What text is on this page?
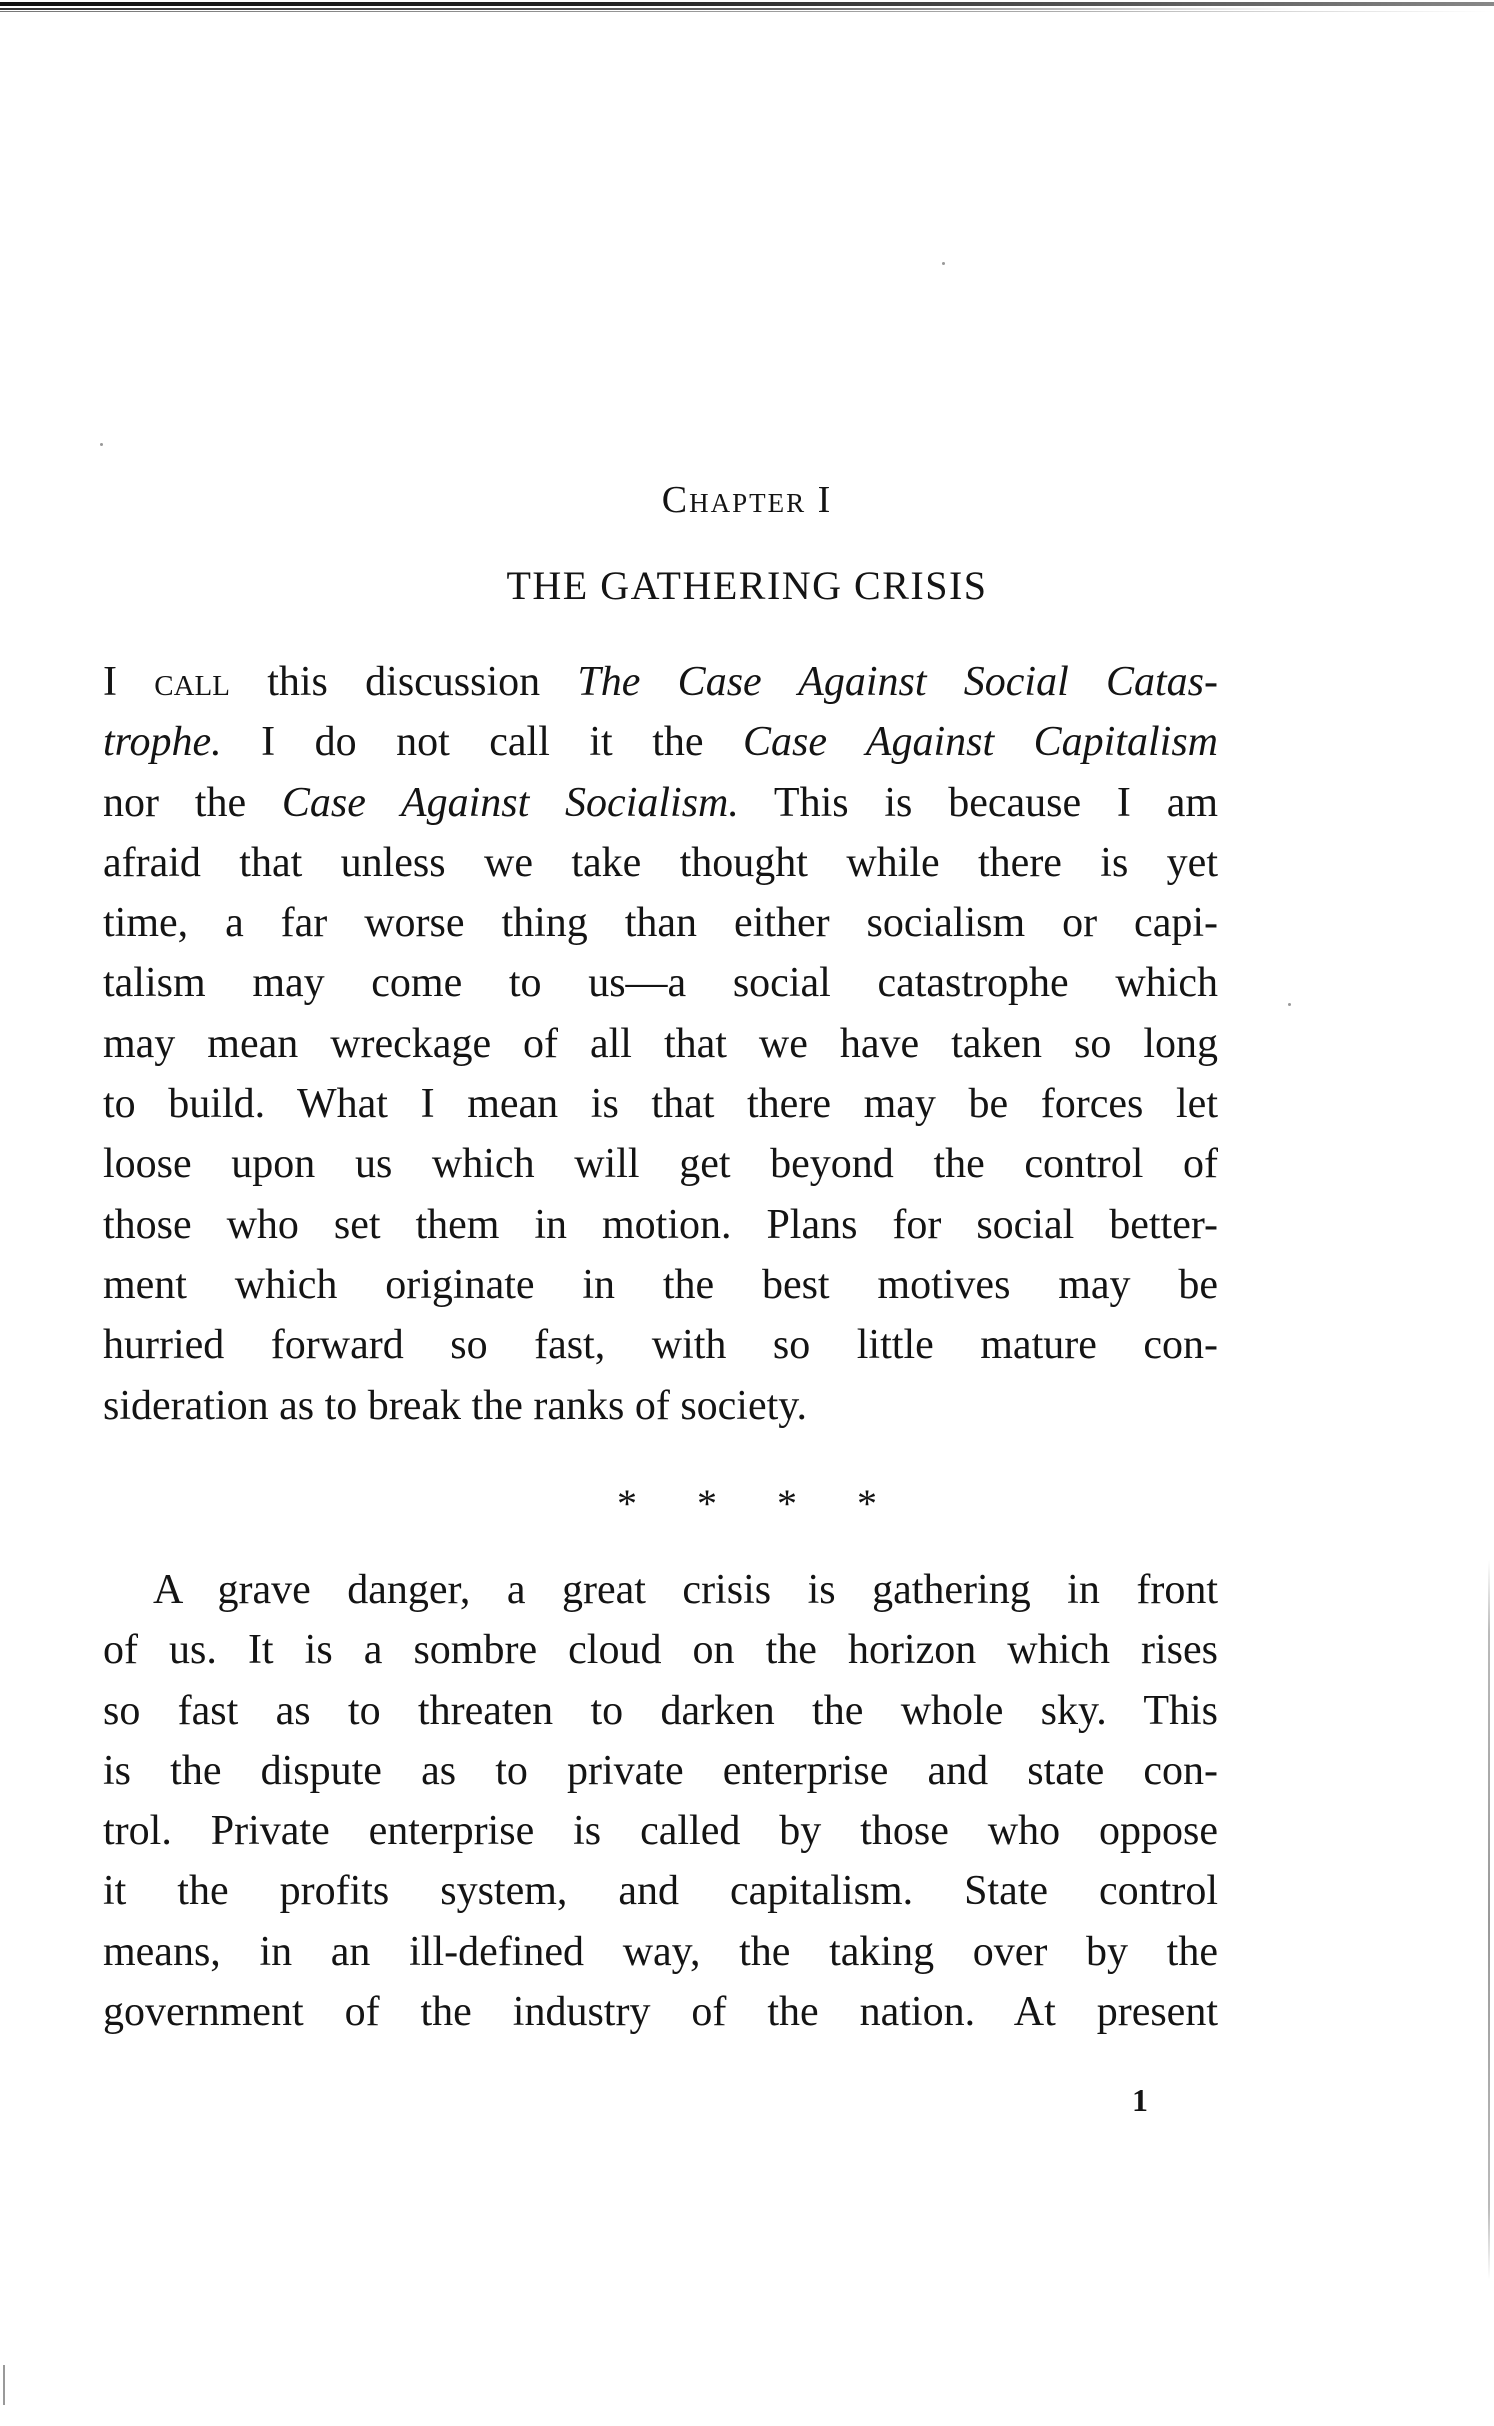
Chapter I
THE GATHERING CRISIS
I call this discussion The Case Against Social Catas-
trophe. I do not call it the Case Against Capitalism
nor the Case Against Socialism. This is because I am
afraid that unless we take thought while there is yet
time, a far worse thing than either socialism or capi-
talism may come to us—a social catastrophe which
may mean wreckage of all that we have taken so long
to build. What I mean is that there may be forces let
loose upon us which will get beyond the control of
those who set them in motion. Plans for social better-
ment which originate in the best motives may be
hurried forward so fast, with so little mature con-
sideration as to break the ranks of society.
* * * *
A grave danger, a great crisis is gathering in front
of us. It is a sombre cloud on the horizon which rises
so fast as to threaten to darken the whole sky. This
is the dispute as to private enterprise and state con-
trol. Private enterprise is called by those who oppose
it the profits system, and capitalism. State control
means, in an ill-defined way, the taking over by the
government of the industry of the nation. At present
1
